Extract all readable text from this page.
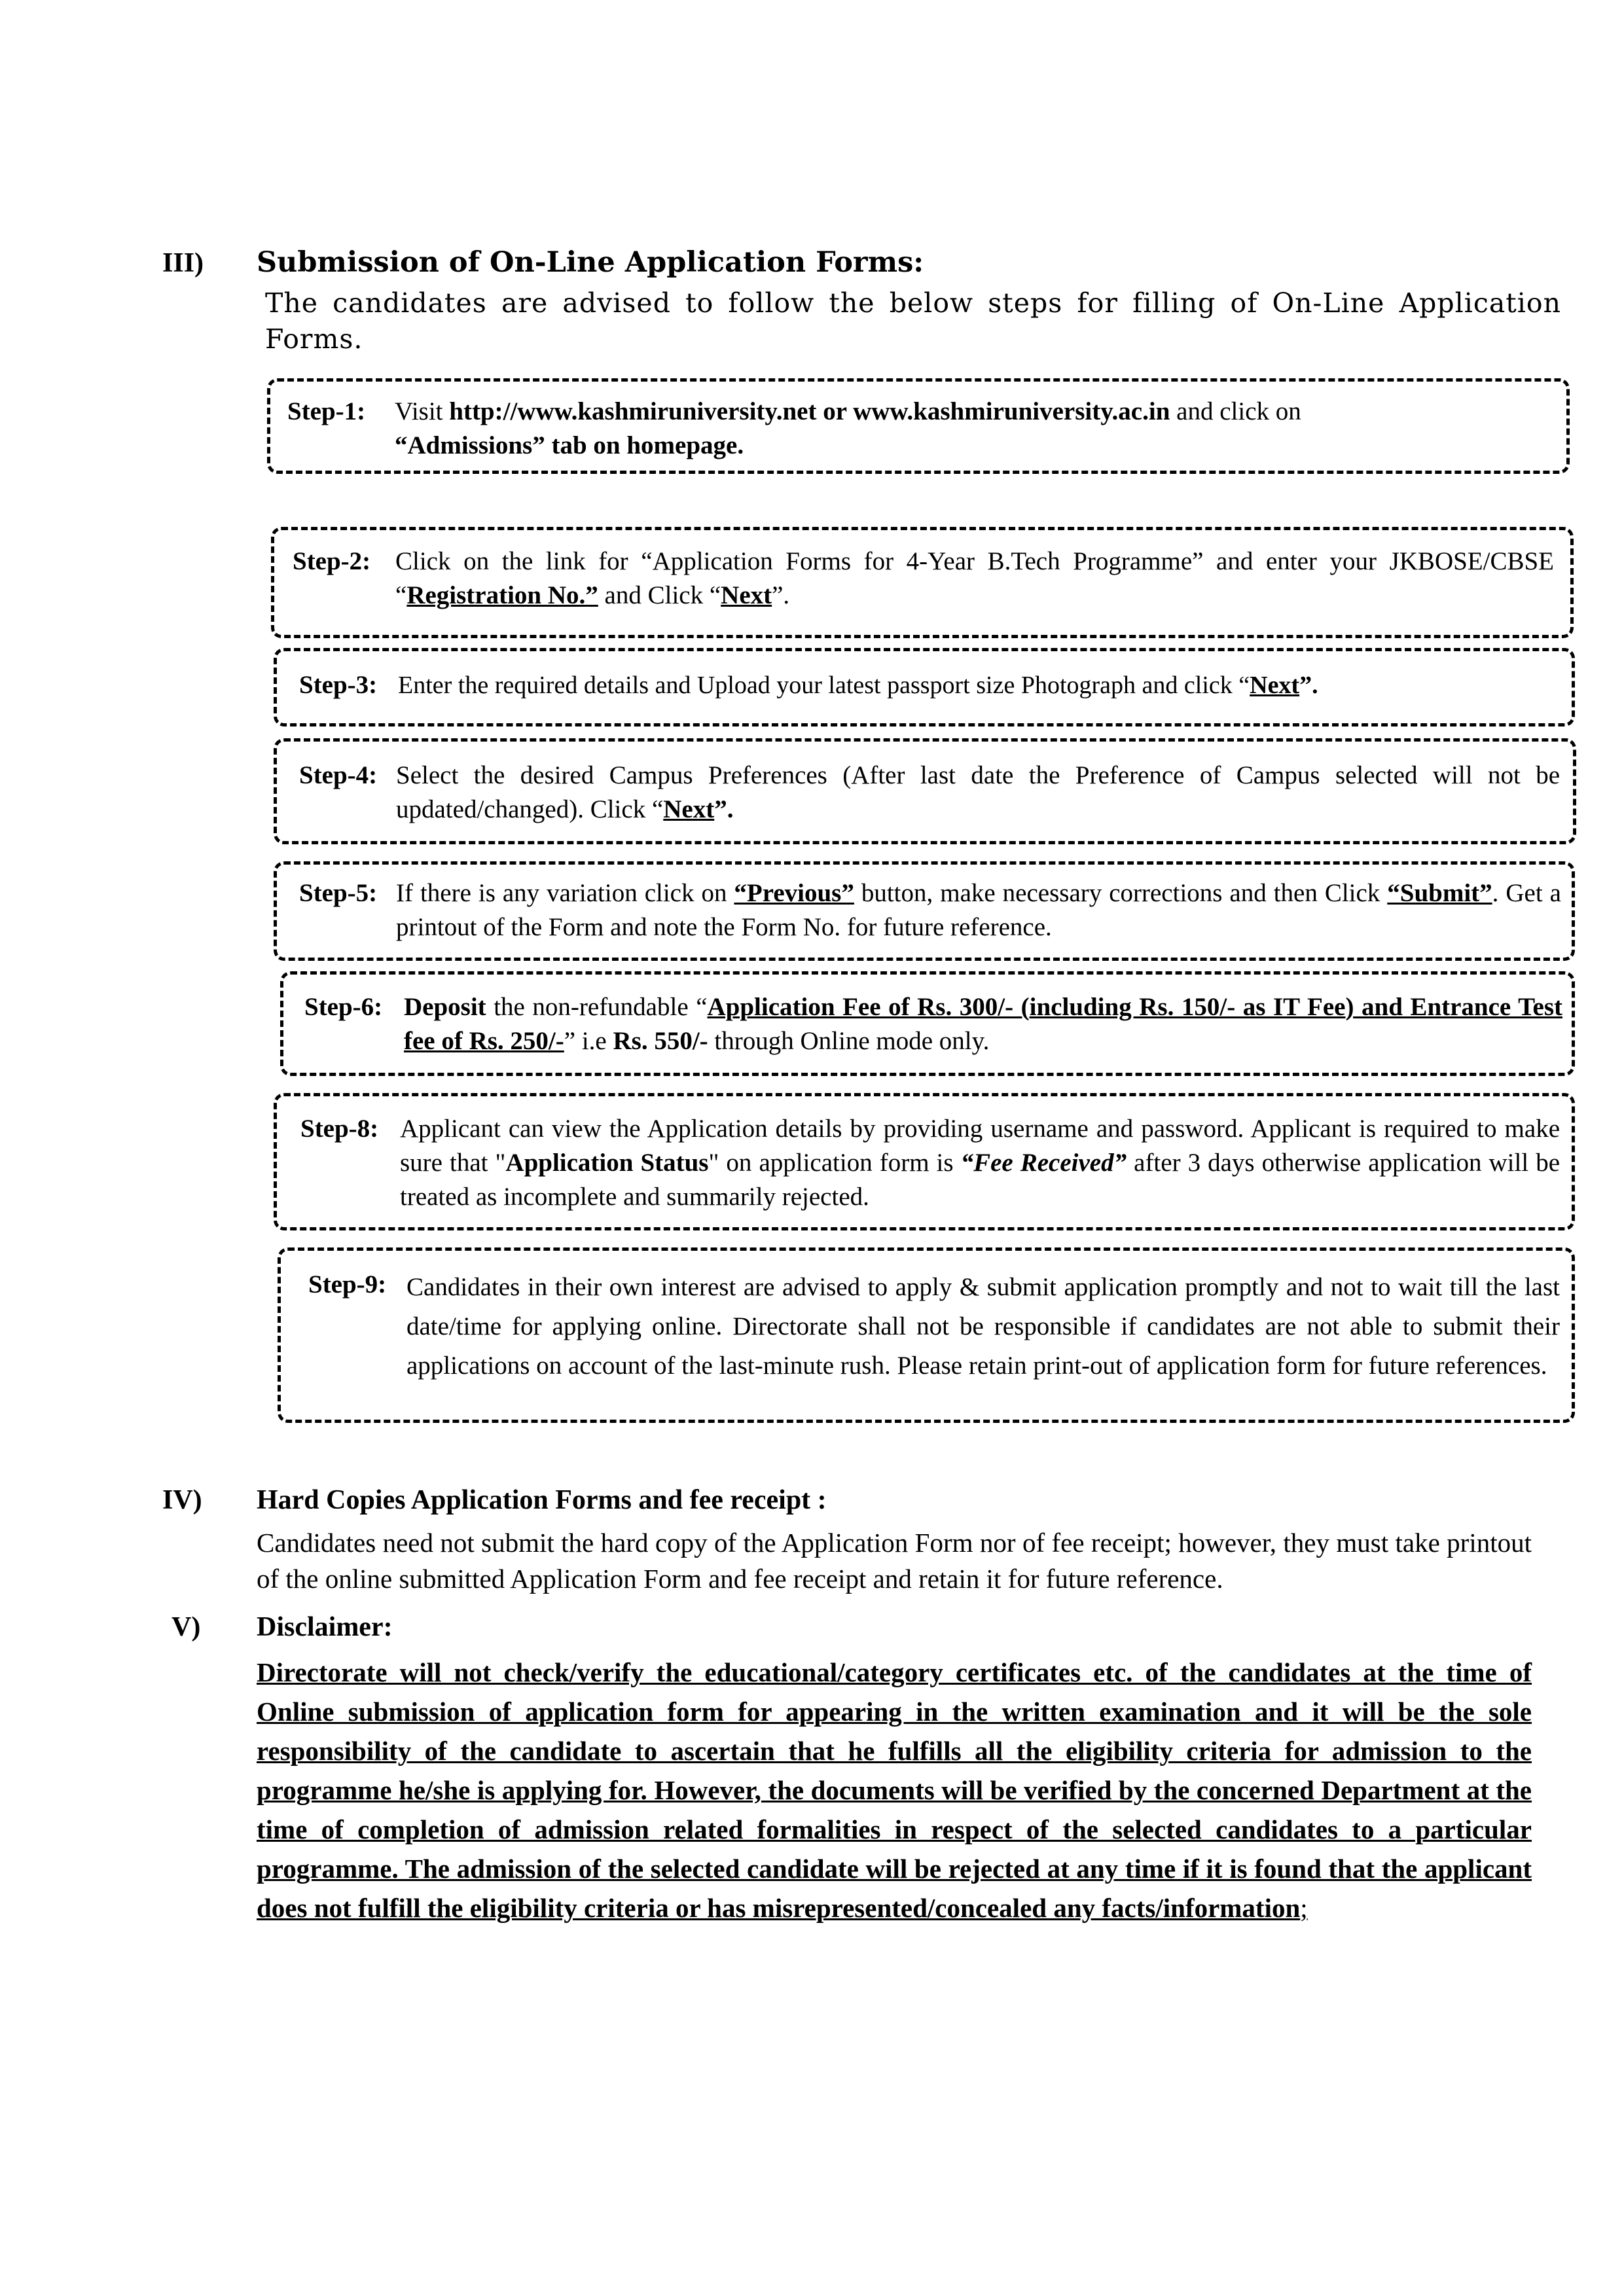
III) Submission of On-Line Application Forms:
The candidates are advised to follow the below steps for filling of On-Line Application Forms.
Step-1: Visit http://www.kashmiruniversity.net or www.kashmiruniversity.ac.in and click on
“Admissions” tab on homepage.
Step-2: Click on the link for “Application Forms for 4-Year B.Tech Programme” and enter your JKBOSE/CBSE “Registration No.” and Click “Next”.
Step-3: Enter the required details and Upload your latest passport size Photograph and click “Next”.
Step-4: Select the desired Campus Preferences (After last date the Preference of Campus selected will not be updated/changed). Click “Next”.
Step-5: If there is any variation click on “Previous” button, make necessary corrections and then Click “Submit”. Get a printout of the Form and note the Form No. for future reference.
Step-6: Deposit the non-refundable “Application Fee of Rs. 300/- (including Rs. 150/- as IT Fee) and Entrance Test fee of Rs. 250/-” i.e Rs. 550/- through Online mode only.
Step-8: Applicant can view the Application details by providing username and password. Applicant is required to make sure that "Application Status" on application form is “Fee Received” after 3 days otherwise application will be treated as incomplete and summarily rejected.
Step-9: Candidates in their own interest are advised to apply & submit application promptly and not to wait till the last date/time for applying online. Directorate shall not be responsible if candidates are not able to submit their applications on account of the last-minute rush. Please retain print-out of application form for future references.
IV) Hard Copies Application Forms and fee receipt :
Candidates need not submit the hard copy of the Application Form nor of fee receipt; however, they must take printout of the online submitted Application Form and fee receipt and retain it for future reference.
V) Disclaimer:
Directorate will not check/verify the educational/category certificates etc. of the candidates at the time of Online submission of application form for appearing in the written examination and it will be the sole responsibility of the candidate to ascertain that he fulfills all the eligibility criteria for admission to the programme he/she is applying for. However, the documents will be verified by the concerned Department at the time of completion of admission related formalities in respect of the selected candidates to a particular programme. The admission of the selected candidate will be rejected at any time if it is found that the applicant does not fulfill the eligibility criteria or has misrepresented/concealed any facts/information;
